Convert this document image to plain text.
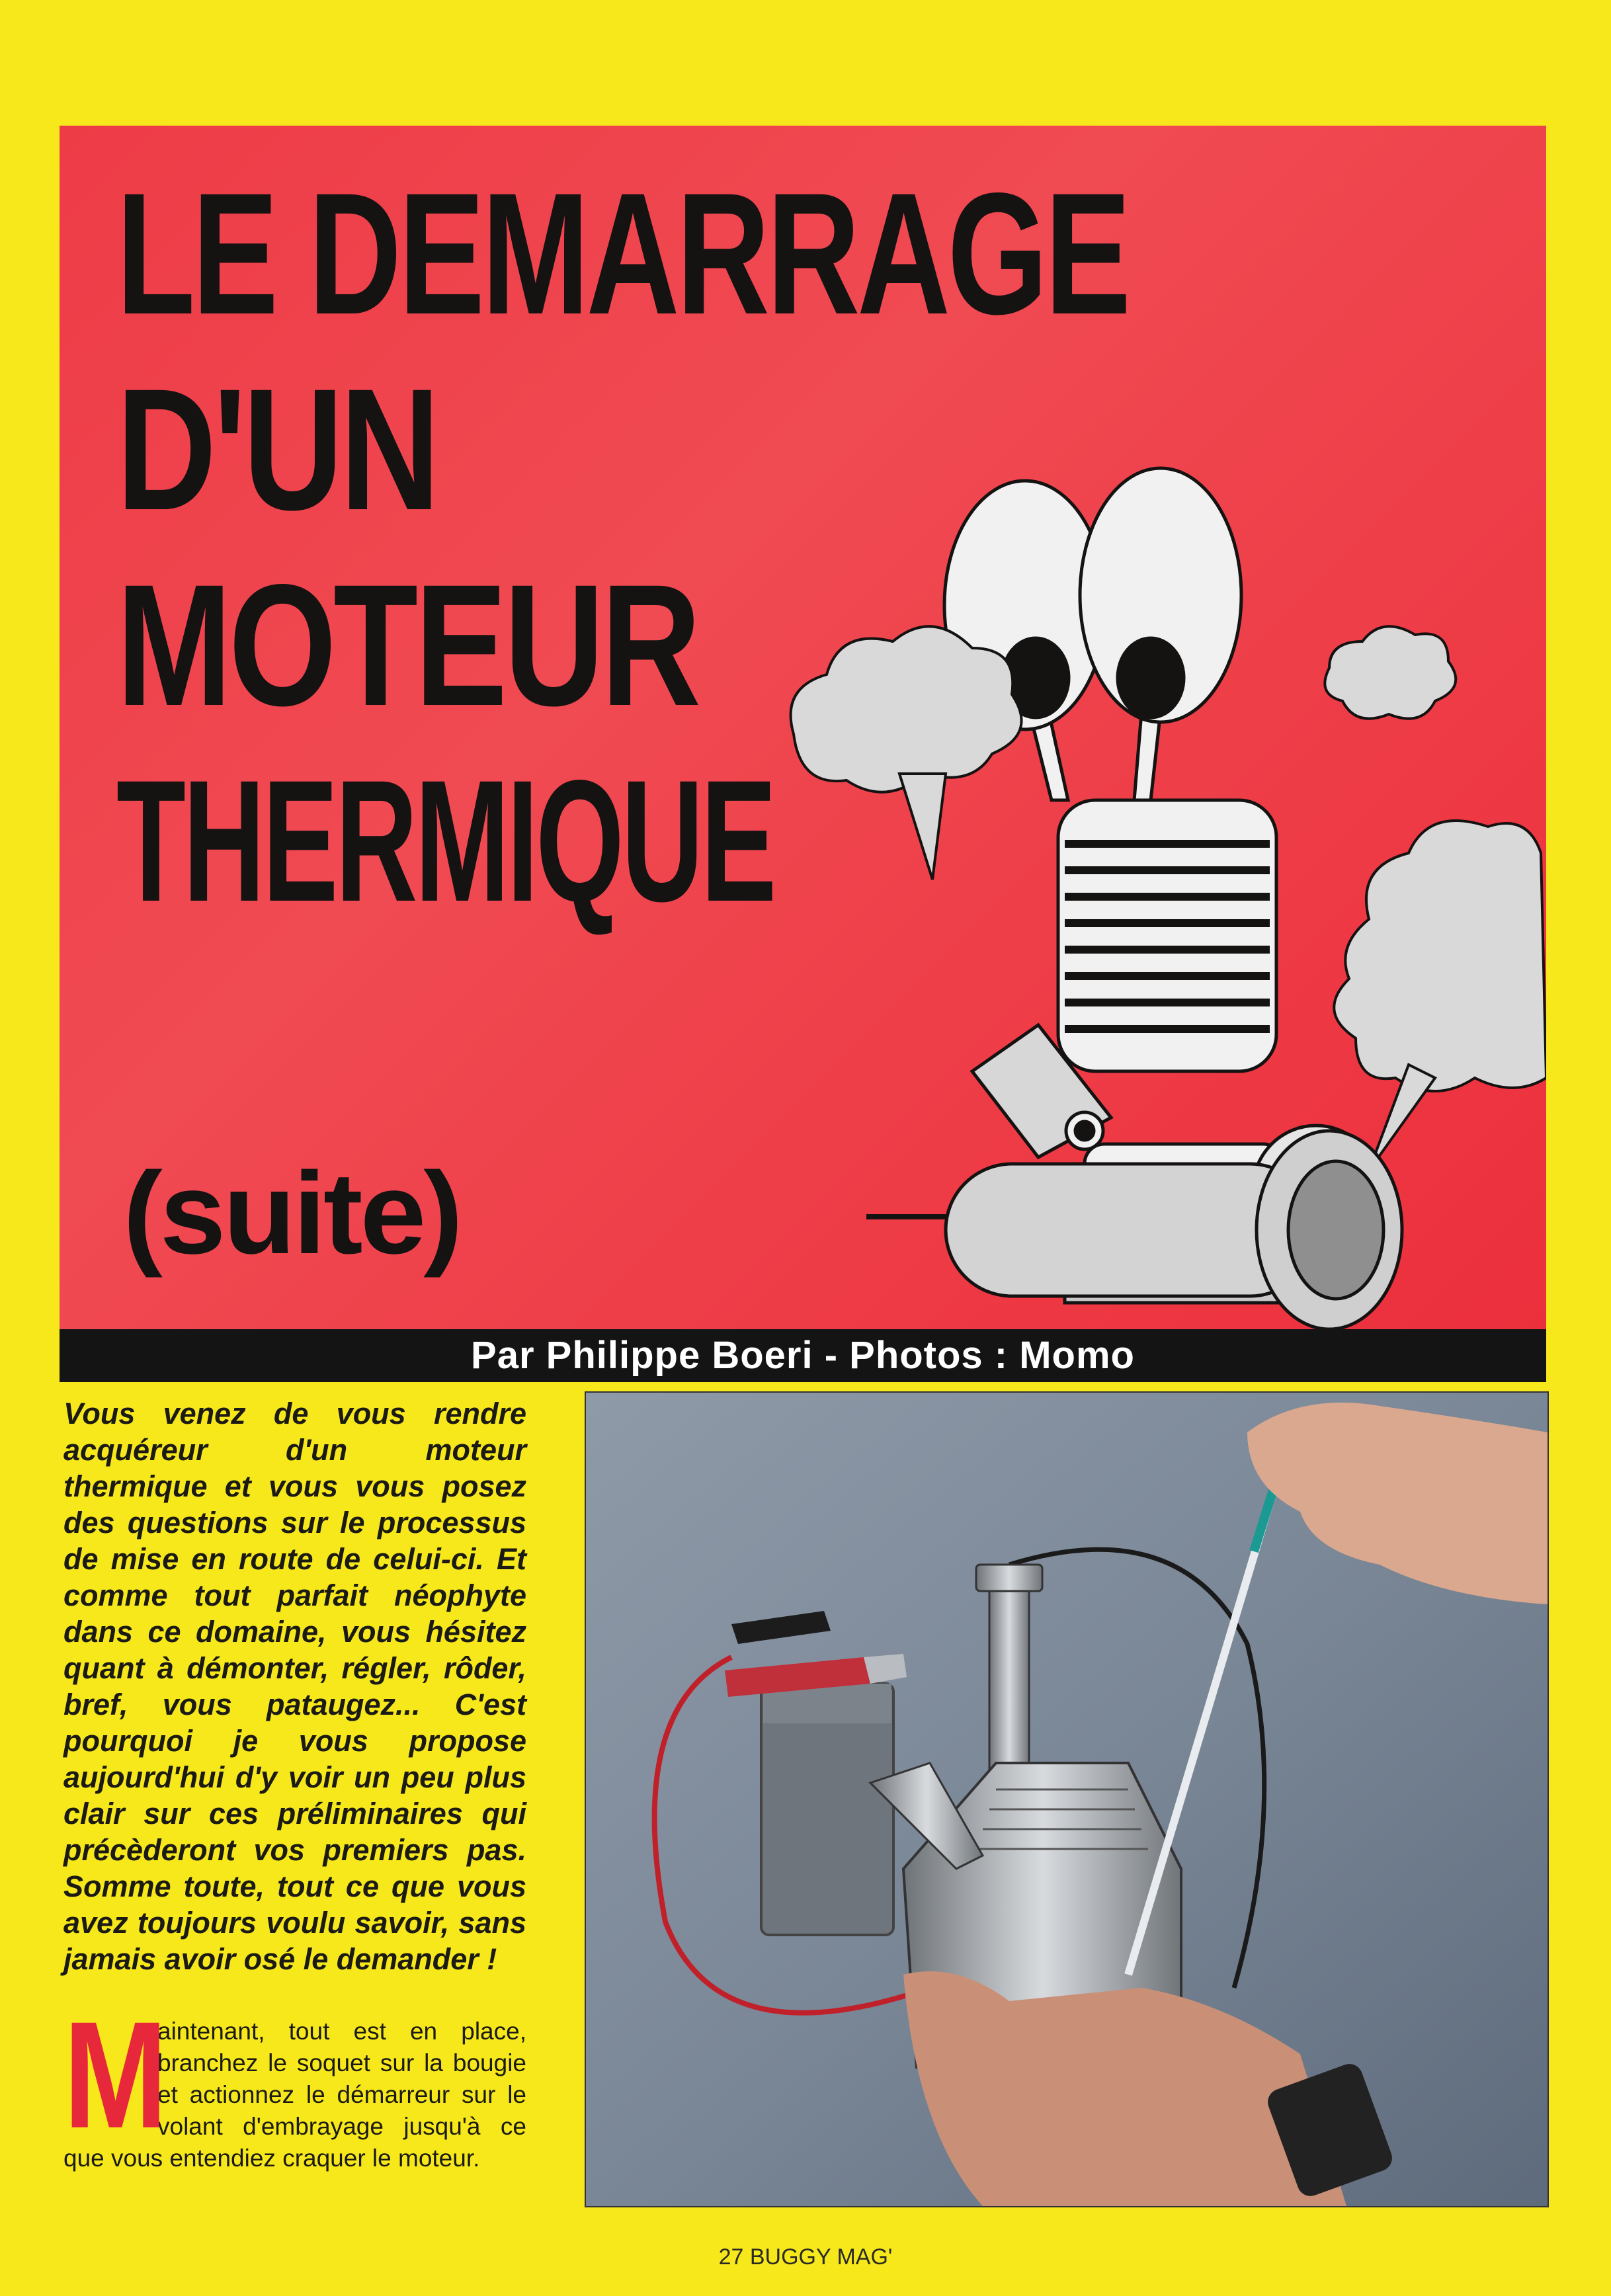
LE DEMARRAGE
D'UN
MOTEUR
THERMIQUE

(suite)

Par Philippe Boeri - Photos : Momo

Vous venez de vous rendre acquéreur d'un moteur thermique et vous vous posez des questions sur le processus de mise en route de celui-ci. Et comme tout parfait néophyte dans ce domaine, vous hésitez quant à démonter, régler, rôder, bref, vous pataugez... C'est pourquoi je vous propose aujourd'hui d'y voir un peu plus clair sur ces préliminaires qui précèderont vos premiers pas. Somme toute, tout ce que vous avez toujours voulu savoir, sans jamais avoir osé le demander !

M
aintenant, tout est en place, branchez le soquet sur la bougie et actionnez le démarreur sur le volant d'embrayage jusqu'à ce que vous entendiez craquer le moteur.

27 BUGGY MAG'
